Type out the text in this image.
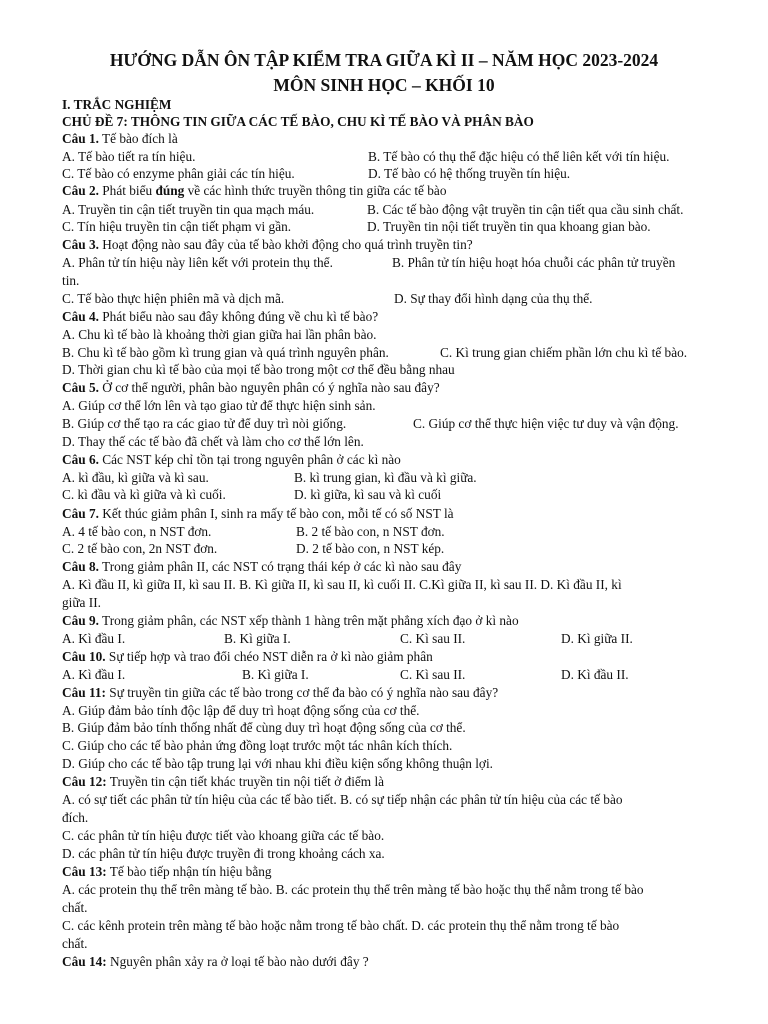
HƯỚNG DẪN ÔN TẬP KIỂM TRA GIỮA KÌ II – NĂM HỌC 2023-2024
MÔN SINH HỌC – KHỐI 10
I. TRẮC NGHIỆM
CHỦ ĐỀ 7: THÔNG TIN GIỮA CÁC TẾ BÀO, CHU KÌ TẾ BÀO VÀ PHÂN BÀO
Câu 1. Tế bào đích là
A. Tế bào tiết ra tín hiệu.	B. Tế bào có thụ thể đặc hiệu có thể liên kết với tín hiệu.
C. Tế bào có enzyme phân giải các tín hiệu.	D. Tế bào có hệ thống truyền tín hiệu.
Câu 2. Phát biểu đúng về các hình thức truyền thông tin giữa các tế bào
A. Truyền tin cận tiết truyền tin qua mạch máu.	B. Các tế bào động vật truyền tin cận tiết qua cầu sinh chất.
C. Tín hiệu truyền tin cận tiết phạm vi gần.	D. Truyền tin nội tiết truyền tin qua khoang gian bào.
Câu 3. Hoạt động nào sau đây của tế bào khởi động cho quá trình truyền tin?
A. Phân tử tín hiệu này liên kết với protein thụ thể.	B. Phân tử tín hiệu hoạt hóa chuỗi các phân tử truyền
tin.
C. Tế bào thực hiện phiên mã và dịch mã.	D. Sự thay đổi hình dạng của thụ thể.
Câu 4. Phát biểu nào sau đây không đúng về chu kì tế bào?
A. Chu kì tế bào là khoảng thời gian giữa hai lần phân bào.
B. Chu kì tế bào gồm kì trung gian và quá trình nguyên phân.	C. Kì trung gian chiếm phần lớn chu kì tế bào.
D. Thời gian chu kì tế bào của mọi tế bào trong một cơ thể đều bằng nhau
Câu 5. Ở cơ thể người, phân bào nguyên phân có ý nghĩa nào sau đây?
A. Giúp cơ thể lớn lên và tạo giao tử để thực hiện sinh sản.
B. Giúp cơ thể tạo ra các giao tử để duy trì nòi giống.	C. Giúp cơ thể thực hiện việc tư duy và vận động.
D. Thay thế các tế bào đã chết và làm cho cơ thể lớn lên.
Câu 6. Các NST kép chỉ tồn tại trong nguyên phân ở các kì nào
A. kì đầu, kì giữa và kì sau.	B. kì trung gian, kì đầu và kì giữa.
C. kì đầu và kì giữa và kì cuối.	D. kì giữa, kì sau và kì cuối
Câu 7. Kết thúc giảm phân I, sinh ra mấy tế bào con, mỗi tế có số NST là
A. 4 tế bào con, n NST đơn.	B. 2 tế bào con, n NST đơn.
C. 2 tế bào con, 2n NST đơn.	D. 2 tế bào con, n NST kép.
Câu 8. Trong giảm phân II, các NST có trạng thái kép ở các kì nào sau đây
A. Kì đầu II, kì giữa II, kì sau II. B. Kì giữa II, kì sau II, kì cuối II. C.Kì giữa II, kì sau II. D. Kì đầu II, kì
giữa II.
Câu 9. Trong giảm phân, các NST xếp thành 1 hàng trên mặt phẳng xích đạo ở kì nào
A. Kì đầu I.	B. Kì giữa I.	C. Kì sau II.	D. Kì giữa II.
Câu 10. Sự tiếp hợp và trao đổi chéo NST diễn ra ở kì nào giảm phân
A. Kì đầu I.	B. Kì giữa I.	C. Kì sau II.	D. Kì đầu II.
Câu 11: Sự truyền tin giữa các tế bào trong cơ thể đa bào có ý nghĩa nào sau đây?
A. Giúp đảm bảo tính độc lập để duy trì hoạt động sống của cơ thể.
B. Giúp đảm bảo tính thống nhất để cùng duy trì hoạt động sống của cơ thể.
C. Giúp cho các tế bào phản ứng đồng loạt trước một tác nhân kích thích.
D. Giúp cho các tế bào tập trung lại với nhau khi điều kiện sống không thuận lợi.
Câu 12: Truyền tin cận tiết khác truyền tin nội tiết ở điểm là
A. có sự tiết các phân tử tín hiệu của các tế bào tiết. B. có sự tiếp nhận các phân tử tín hiệu của các tế bào
đích.
C. các phân tử tín hiệu được tiết vào khoang giữa các tế bào.
D. các phân tử tín hiệu được truyền đi trong khoảng cách xa.
Câu 13: Tế bào tiếp nhận tín hiệu bằng
A. các protein thụ thể trên màng tế bào. B. các protein thụ thể trên màng tế bào hoặc thụ thể nằm trong tế bào
chất.
C. các kênh protein trên màng tế bào hoặc nằm trong tế bào chất. D. các protein thụ thể nằm trong tế bào
chất.
Câu 14: Nguyên phân xảy ra ở loại tế bào nào dưới đây ?
